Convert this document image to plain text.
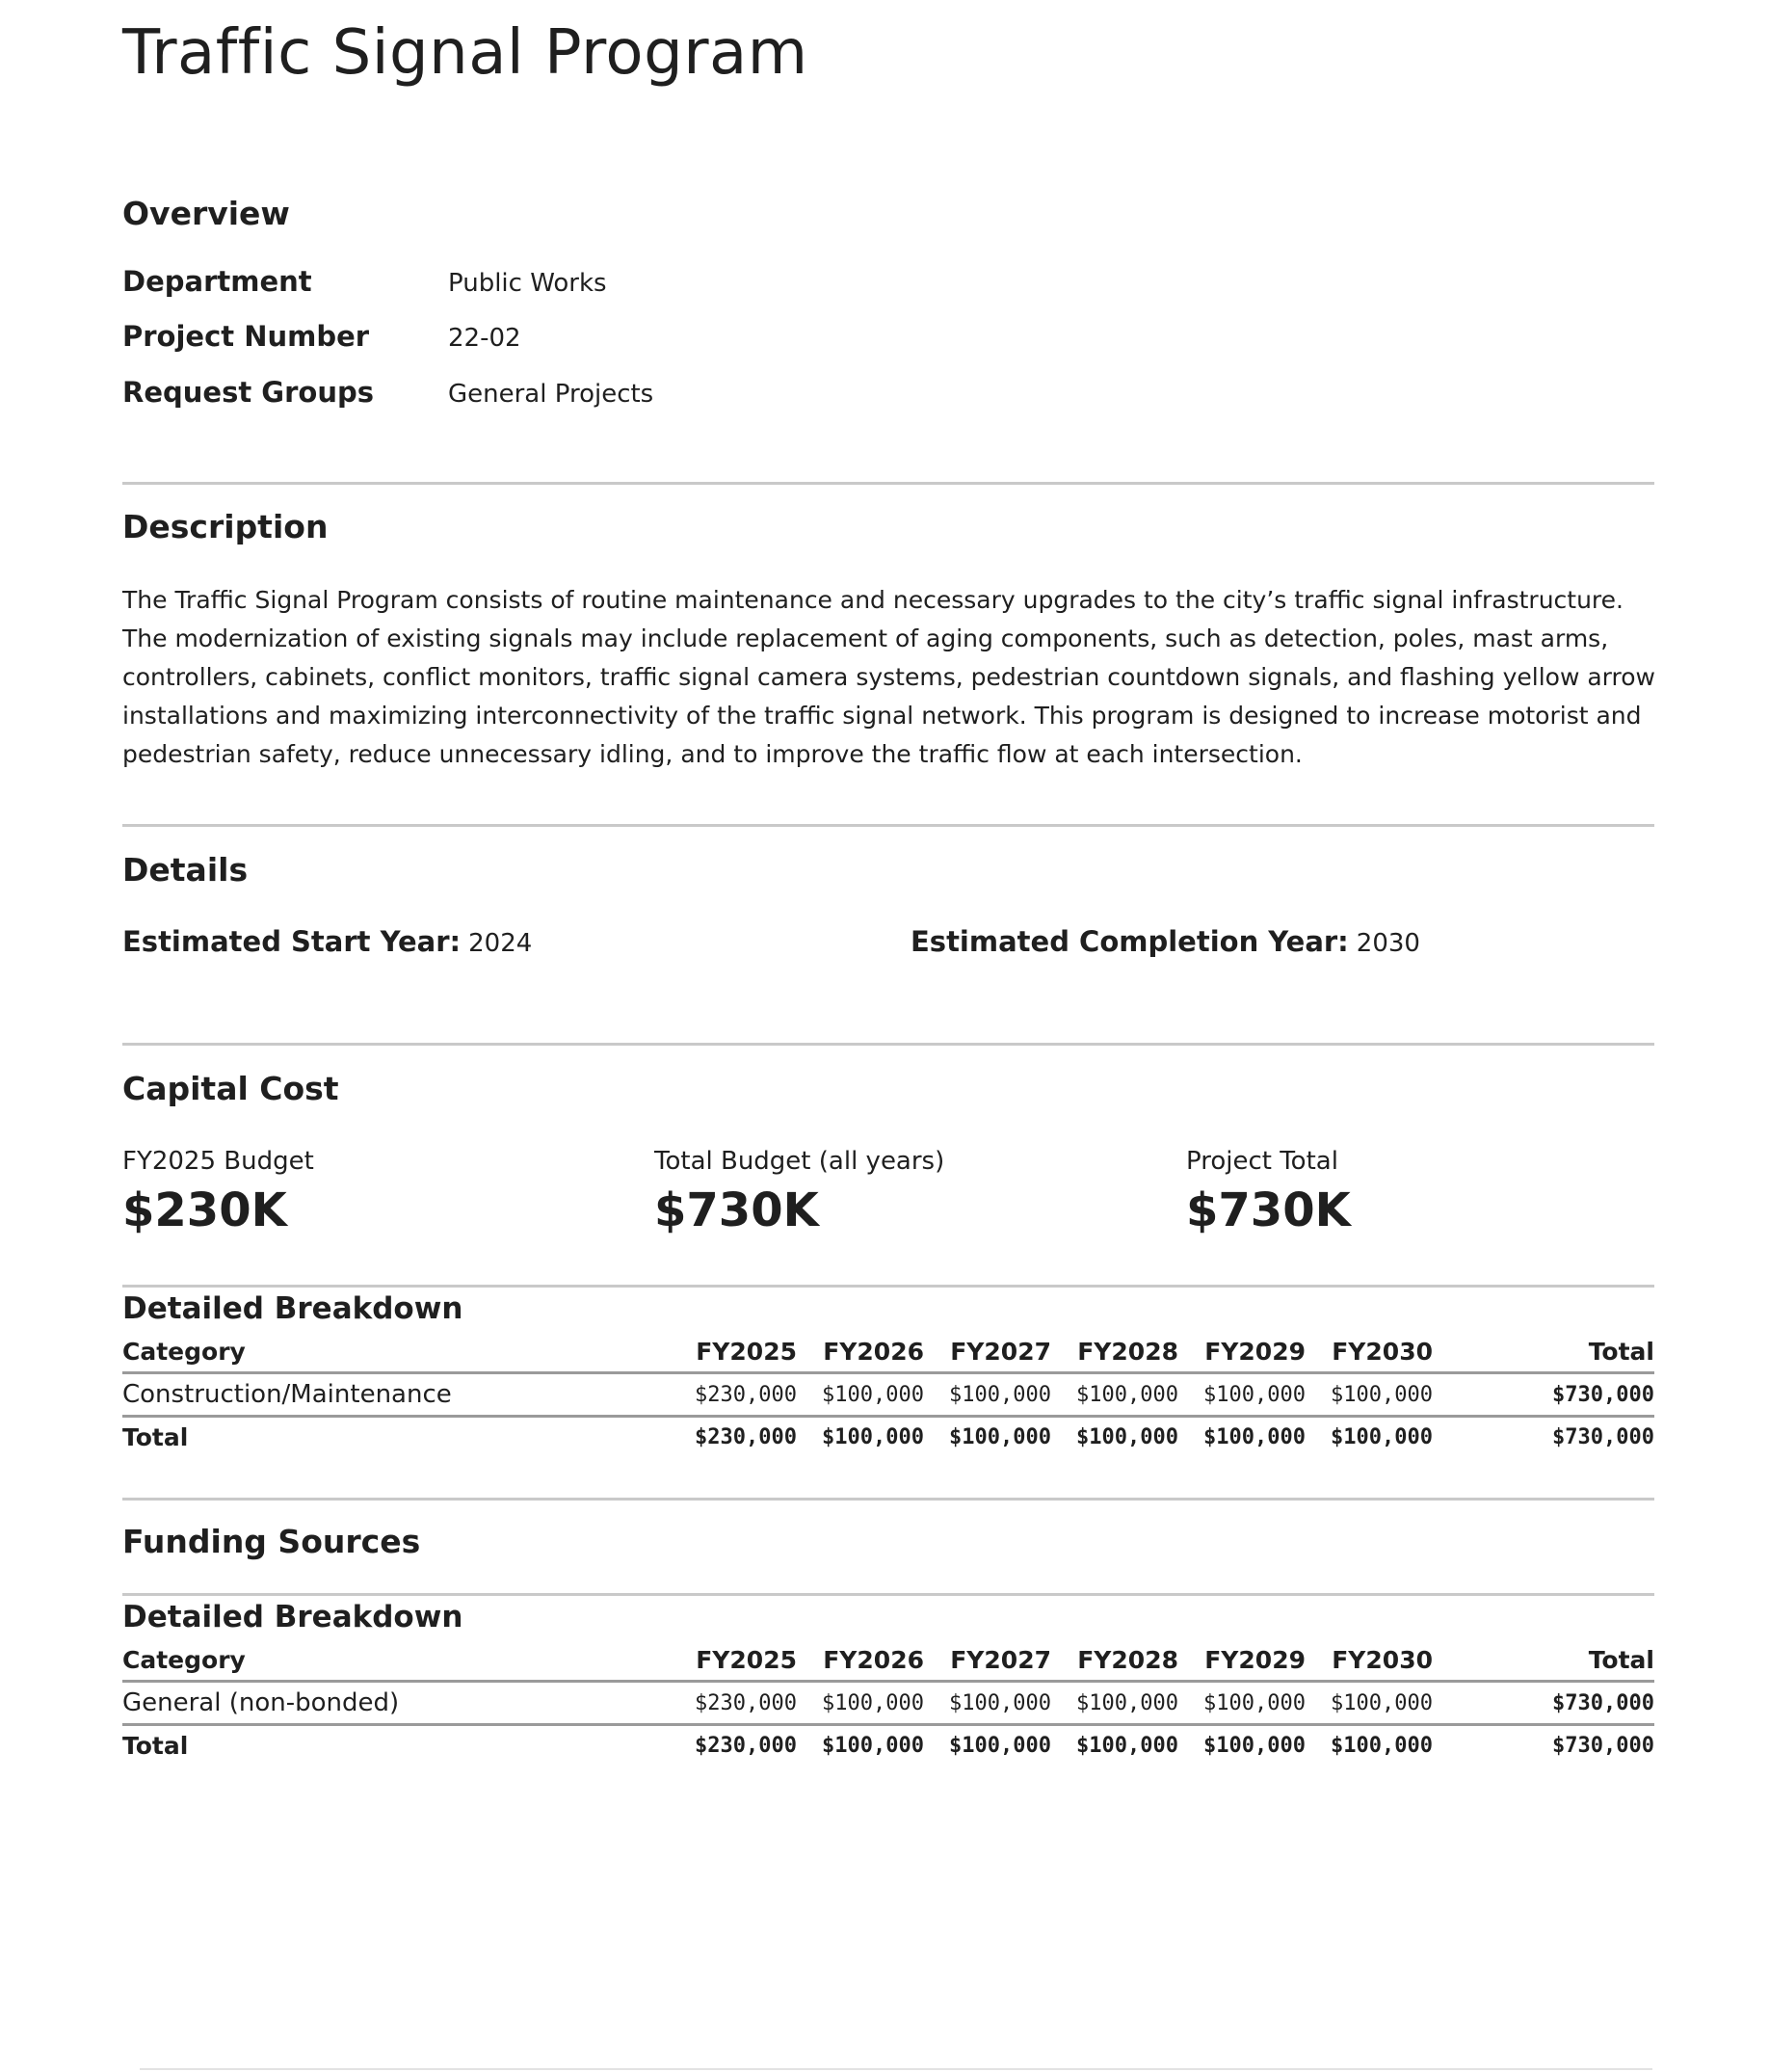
Traffic Signal Program
Overview
Department	Public Works
Project Number	22-02
Request Groups	General Projects
Description

The Traffic Signal Program consists of routine maintenance and necessary upgrades to the city’s traffic signal infrastructure. The modernization of existing signals may include replacement of aging components, such as detection, poles, mast arms, controllers, cabinets, conflict monitors, traffic signal camera systems, pedestrian countdown signals, and flashing yellow arrow installations and maximizing interconnectivity of the traffic signal network. This program is designed to increase motorist and pedestrian safety, reduce unnecessary idling, and to improve the traffic flow at each intersection.

Details
Estimated Start Year: 2024	Estimated Completion Year: 2030
Capital Cost
FY2025 Budget
$230K
Total Budget (all years)
$730K
Project Total
$730K
Detailed Breakdown
Category	FY2025	FY2026	FY2027	FY2028	FY2029	FY2030	Total
Construction/Maintenance	$230,000	$100,000	$100,000	$100,000	$100,000	$100,000	$730,000
Total	$230,000	$100,000	$100,000	$100,000	$100,000	$100,000	$730,000
Funding Sources
Detailed Breakdown
Category	FY2025	FY2026	FY2027	FY2028	FY2029	FY2030	Total
General (non-bonded)	$230,000	$100,000	$100,000	$100,000	$100,000	$100,000	$730,000
Total	$230,000	$100,000	$100,000	$100,000	$100,000	$100,000	$730,000
